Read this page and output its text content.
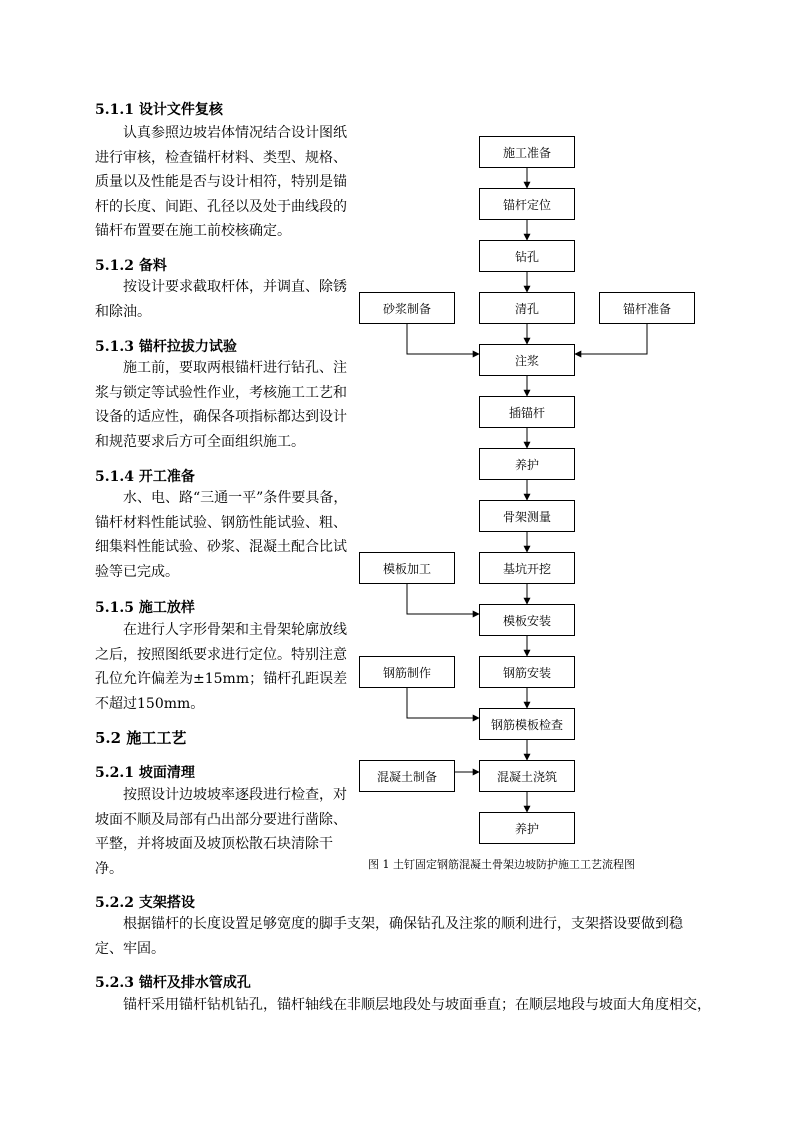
5.1.1 设计文件复核

认真参照边坡岩体情况结合设计图纸进行审核，检查锚杆材料、类型、规格、质量以及性能是否与设计相符，特别是锚杆的长度、间距、孔径以及处于曲线段的锚杆布置要在施工前校核确定。

5.1.2 备料

按设计要求截取杆体，并调直、除锈和除油。

5.1.3 锚杆拉拔力试验

施工前，要取两根锚杆进行钻孔、注浆与锁定等试验性作业，考核施工工艺和设备的适应性，确保各项指标都达到设计和规范要求后方可全面组织施工。

5.1.4 开工准备

水、电、路“三通一平”条件要具备，锚杆材料性能试验、钢筋性能试验、粗、细集料性能试验、砂浆、混凝土配合比试验等已完成。

5.1.5 施工放样

在进行人字形骨架和主骨架轮廓放线之后，按照图纸要求进行定位。特别注意孔位允许偏差为±15mm；锚杆孔距误差不超过150mm。

5.2 施工工艺
5.2.1 坡面清理

按照设计边坡坡率逐段进行检查，对坡面不顺及局部有凸出部分要进行凿除、平整，并将坡面及坡顶松散石块清除干净。

施工准备
锚杆定位
钻孔
清孔
注浆
插锚杆
养护
骨架测量
基坑开挖
模板安装
钢筋安装
钢筋模板检查
混凝土浇筑
养护
砂浆制备	锚杆准备
模板加工
钢筋制作
混凝土制备
图 1 土钉固定钢筋混凝土骨架边坡防护施工工艺流程图
5.2.2 支架搭设

根据锚杆的长度设置足够宽度的脚手支架，确保钻孔及注浆的顺利进行，支架搭设要做到稳定、牢固。

5.2.3 锚杆及排水管成孔

锚杆采用锚杆钻机钻孔，锚杆轴线在非顺层地段处与坡面垂直；在顺层地段与坡面大角度相交，
